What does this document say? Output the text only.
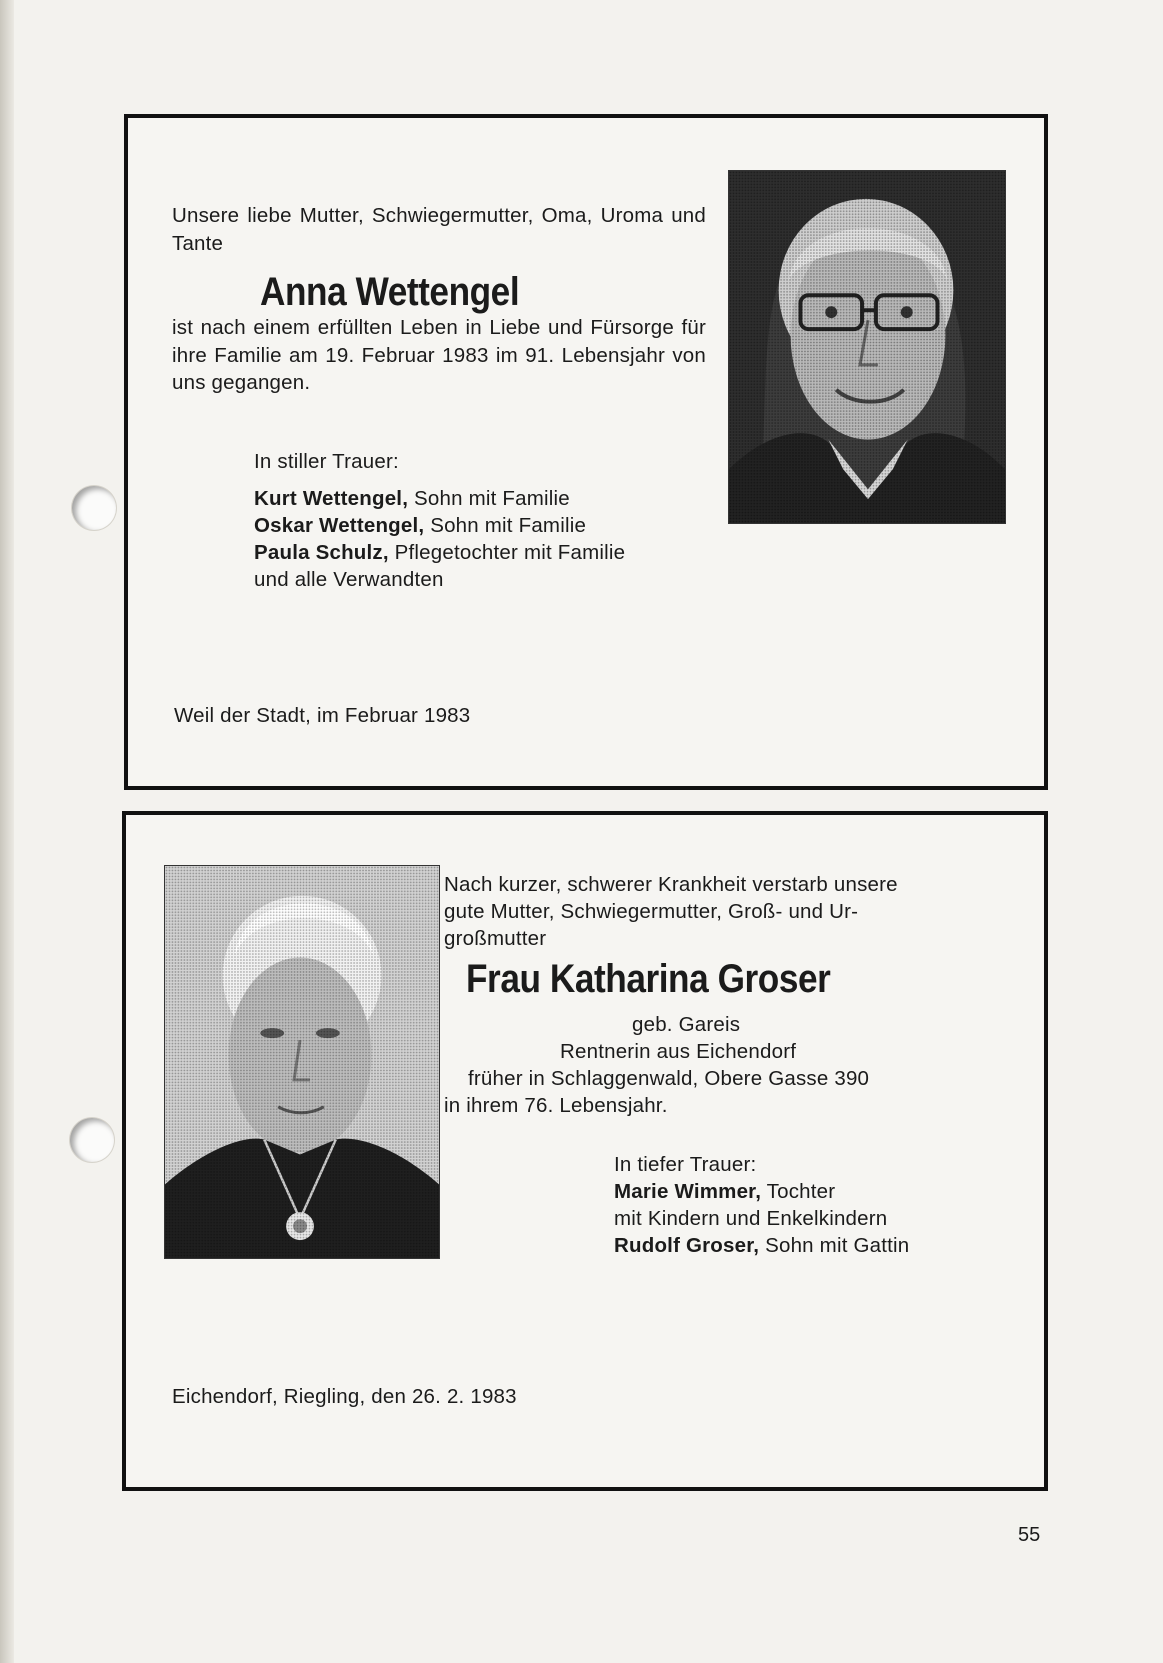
Unsere liebe Mutter, Schwiegermutter, Oma, Uroma und Tante
Anna Wettengel
ist nach einem erfüllten Leben in Liebe und Fürsorge für ihre Familie am 19. Februar 1983 im 91. Lebensjahr von uns gegangen.
In stiller Trauer:
Kurt Wettengel, Sohn mit Familie
Oskar Wettengel, Sohn mit Familie
Paula Schulz, Pflegetochter mit Familie
und alle Verwandten
Weil der Stadt, im Februar 1983
Nach kurzer, schwerer Krankheit verstarb unsere
gute Mutter, Schwiegermutter, Groß- und Ur-
großmutter
Frau Katharina Groser
geb. Gareis
Rentnerin aus Eichendorf
früher in Schlaggenwald, Obere Gasse 390
in ihrem 76. Lebensjahr.
In tiefer Trauer:
Marie Wimmer, Tochter
mit Kindern und Enkelkindern
Rudolf Groser, Sohn mit Gattin
Eichendorf, Riegling, den 26. 2. 1983
55
